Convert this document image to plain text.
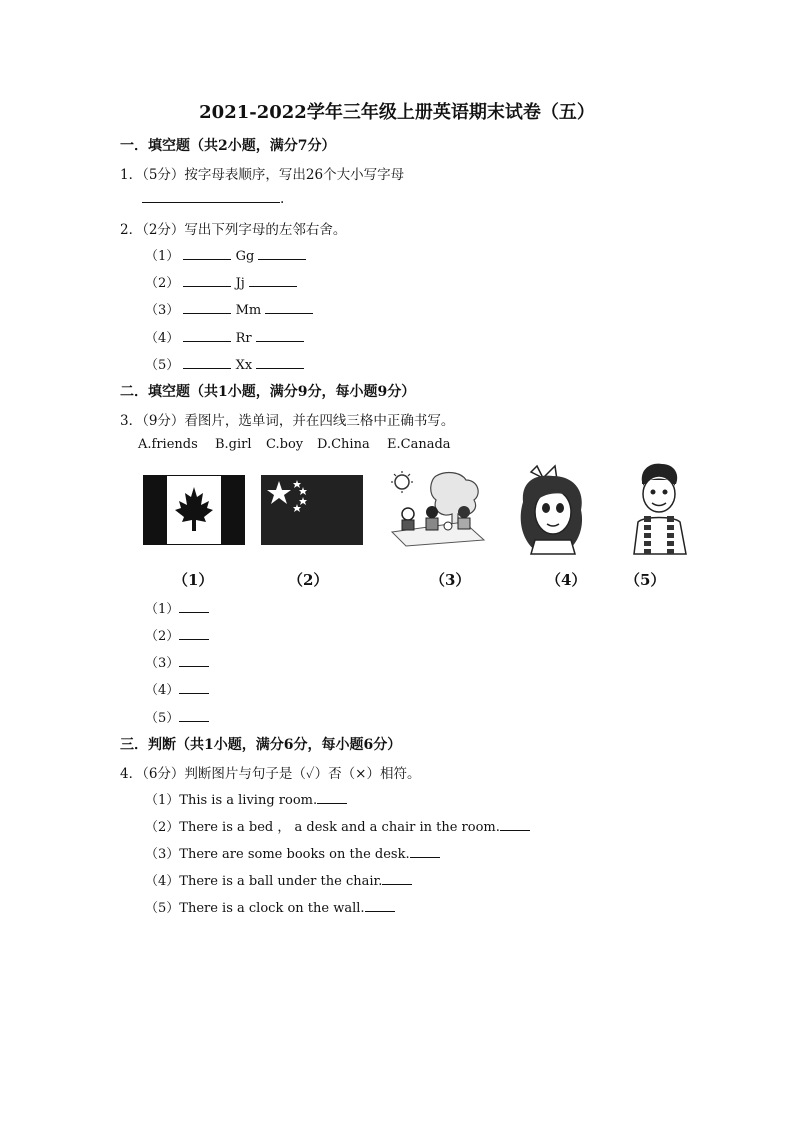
2021-2022学年三年级上册英语期末试卷（五）
一．填空题（共2小题，满分7分）
1．（5分）按字母表顺序，写出26个大小写字母
.
2．（2分）写出下列字母的左邻右舍。
（1）	Gg
（2）	Jj
（3）	Mm
（4）	Rr
（5）	Xx
二．填空题（共1小题，满分9分，每小题9分）
3．（9分）看图片，选单词，并在四线三格中正确书写。
A.friends B.girl C.boy D.China E.Canada
（1）	（2）	（3）	（4）	（5）
（1）
（2）
（3）
（4）
（5）
三．判断（共1小题，满分6分，每小题6分）
4．（6分）判断图片与句子是（✓）否（×）相符。
（1）This is a living room.
（2）There is a bed ， a desk and a chair in the room.
（3）There are some books on the desk.
（4）There is a ball under the chair.
（5）There is a clock on the wall.
